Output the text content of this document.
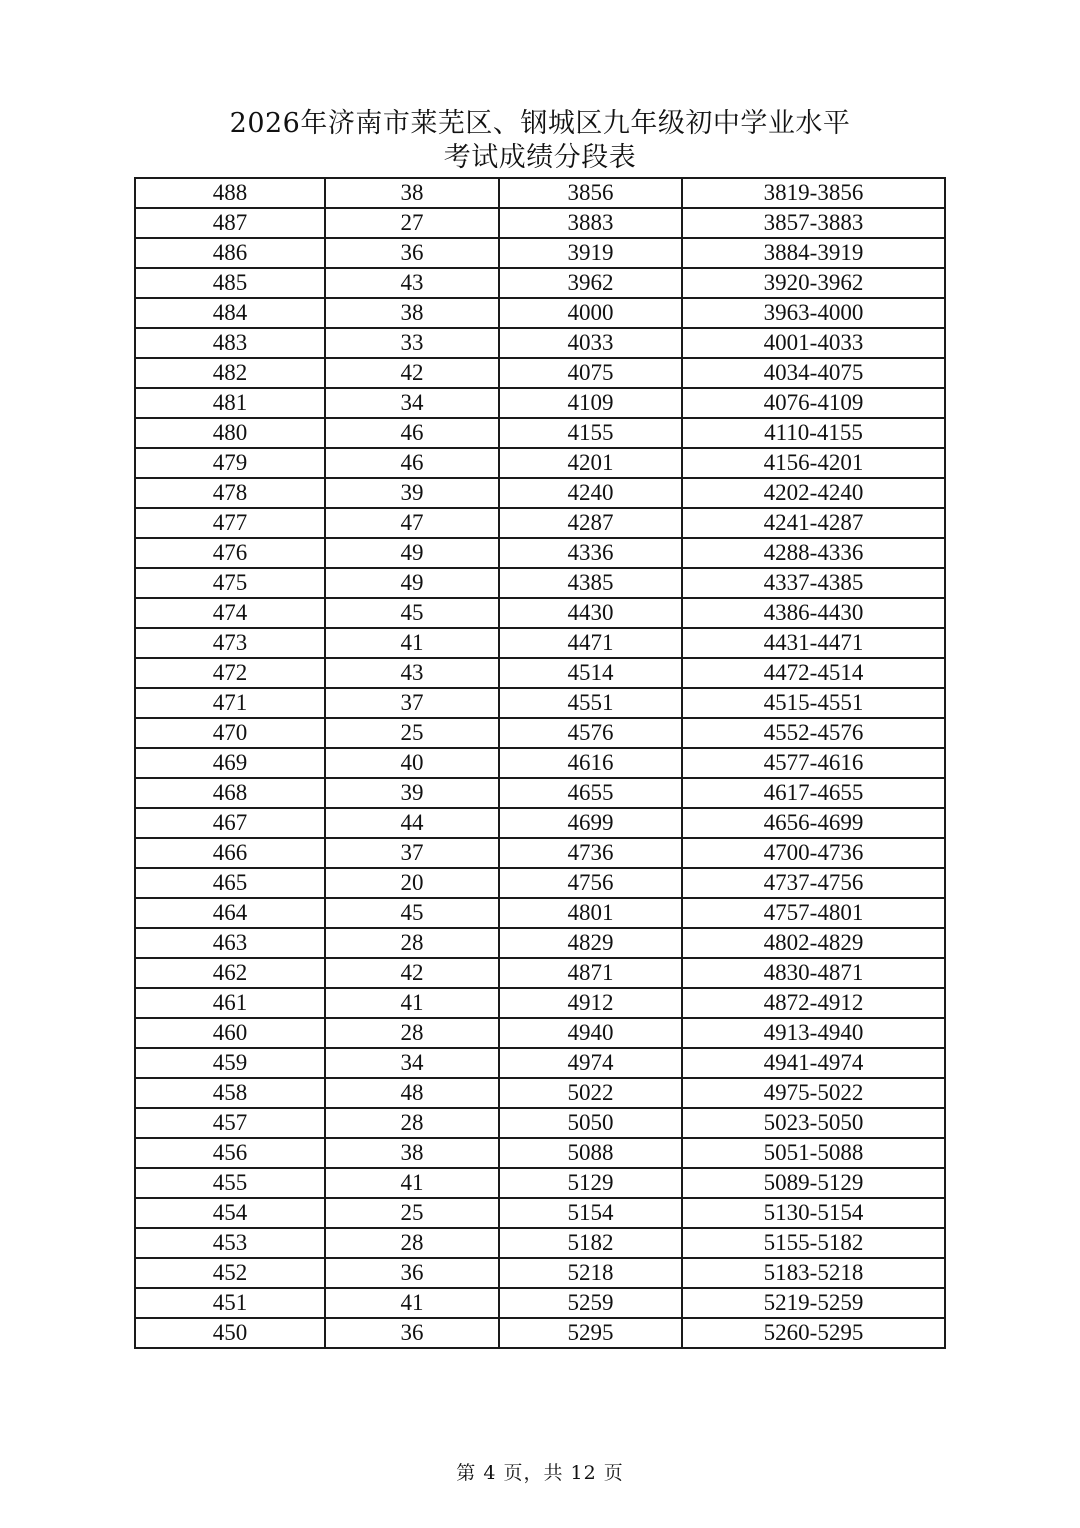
2026年济南市莱芜区、钢城区九年级初中学业水平
考试成绩分段表
488	38	3856	3819-3856
487	27	3883	3857-3883
486	36	3919	3884-3919
485	43	3962	3920-3962
484	38	4000	3963-4000
483	33	4033	4001-4033
482	42	4075	4034-4075
481	34	4109	4076-4109
480	46	4155	4110-4155
479	46	4201	4156-4201
478	39	4240	4202-4240
477	47	4287	4241-4287
476	49	4336	4288-4336
475	49	4385	4337-4385
474	45	4430	4386-4430
473	41	4471	4431-4471
472	43	4514	4472-4514
471	37	4551	4515-4551
470	25	4576	4552-4576
469	40	4616	4577-4616
468	39	4655	4617-4655
467	44	4699	4656-4699
466	37	4736	4700-4736
465	20	4756	4737-4756
464	45	4801	4757-4801
463	28	4829	4802-4829
462	42	4871	4830-4871
461	41	4912	4872-4912
460	28	4940	4913-4940
459	34	4974	4941-4974
458	48	5022	4975-5022
457	28	5050	5023-5050
456	38	5088	5051-5088
455	41	5129	5089-5129
454	25	5154	5130-5154
453	28	5182	5155-5182
452	36	5218	5183-5218
451	41	5259	5219-5259
450	36	5295	5260-5295
第 4 页，共 12 页
